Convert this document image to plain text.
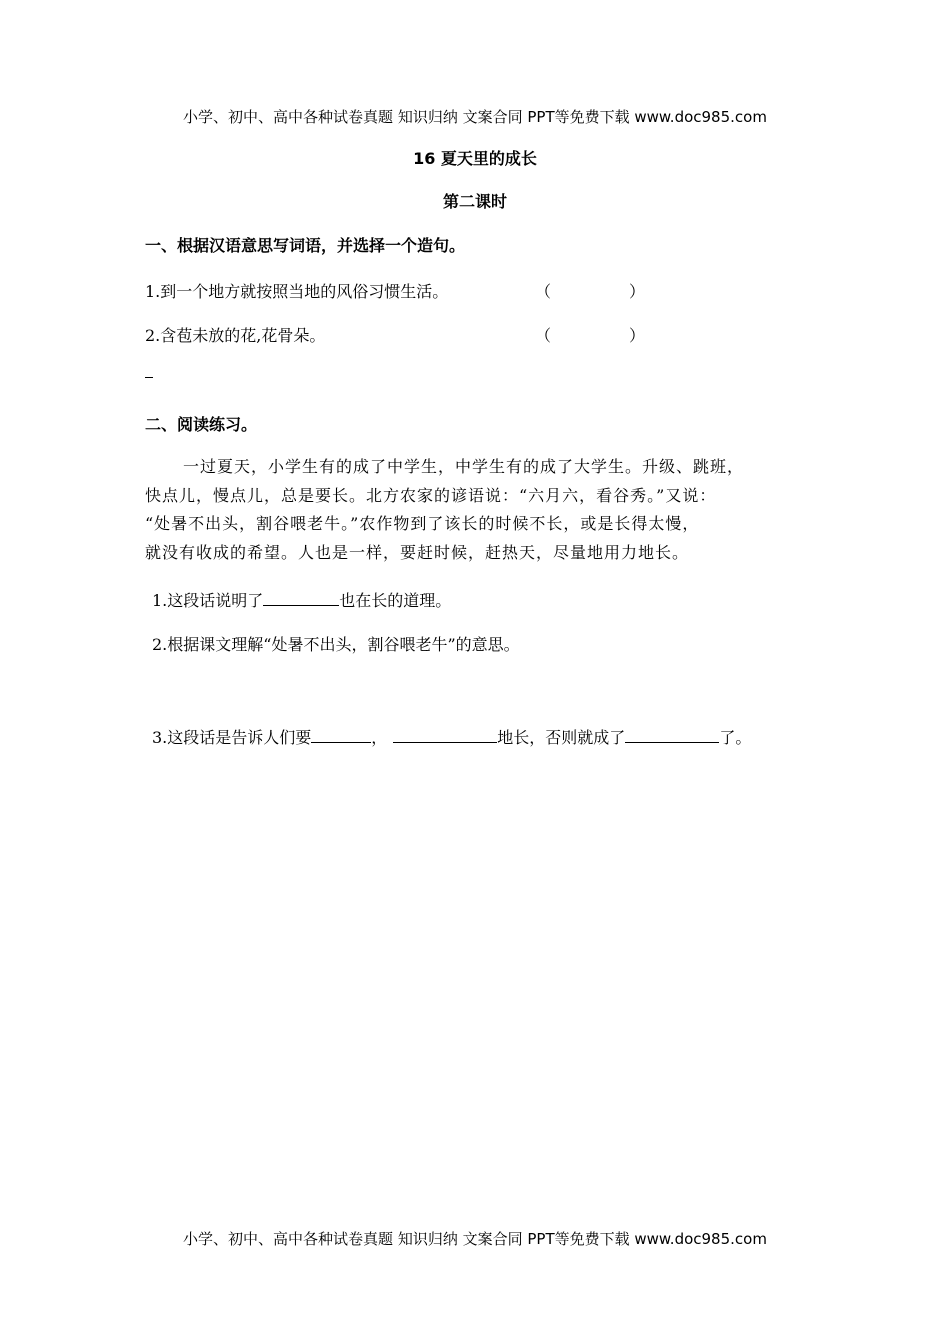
小学、初中、高中各种试卷真题 知识归纳 文案合同 PPT等免费下载 www.doc985.com
16 夏天里的成长
第二课时
一、根据汉语意思写词语，并选择一个造句。
1.到一个地方就按照当地的风俗习惯生活。	（	）
2.含苞未放的花,花骨朵。	（	）
二、阅读练习。

一过夏天，小学生有的成了中学生，中学生有的成了大学生。升级、跳班，

快点儿，慢点儿，总是要长。北方农家的谚语说：“六月六，看谷秀。”又说：

“处暑不出头，割谷喂老牛。”农作物到了该长的时候不长，或是长得太慢，

就没有收成的希望。人也是一样，要赶时候，赶热天，尽量地用力地长。

1.这段话说明了	也在长的道理。
2.根据课文理解“处暑不出头，割谷喂老牛”的意思。
3.这段话是告诉人们要	，	地长，否则就成了	了。
小学、初中、高中各种试卷真题 知识归纳 文案合同 PPT等免费下载 www.doc985.com
